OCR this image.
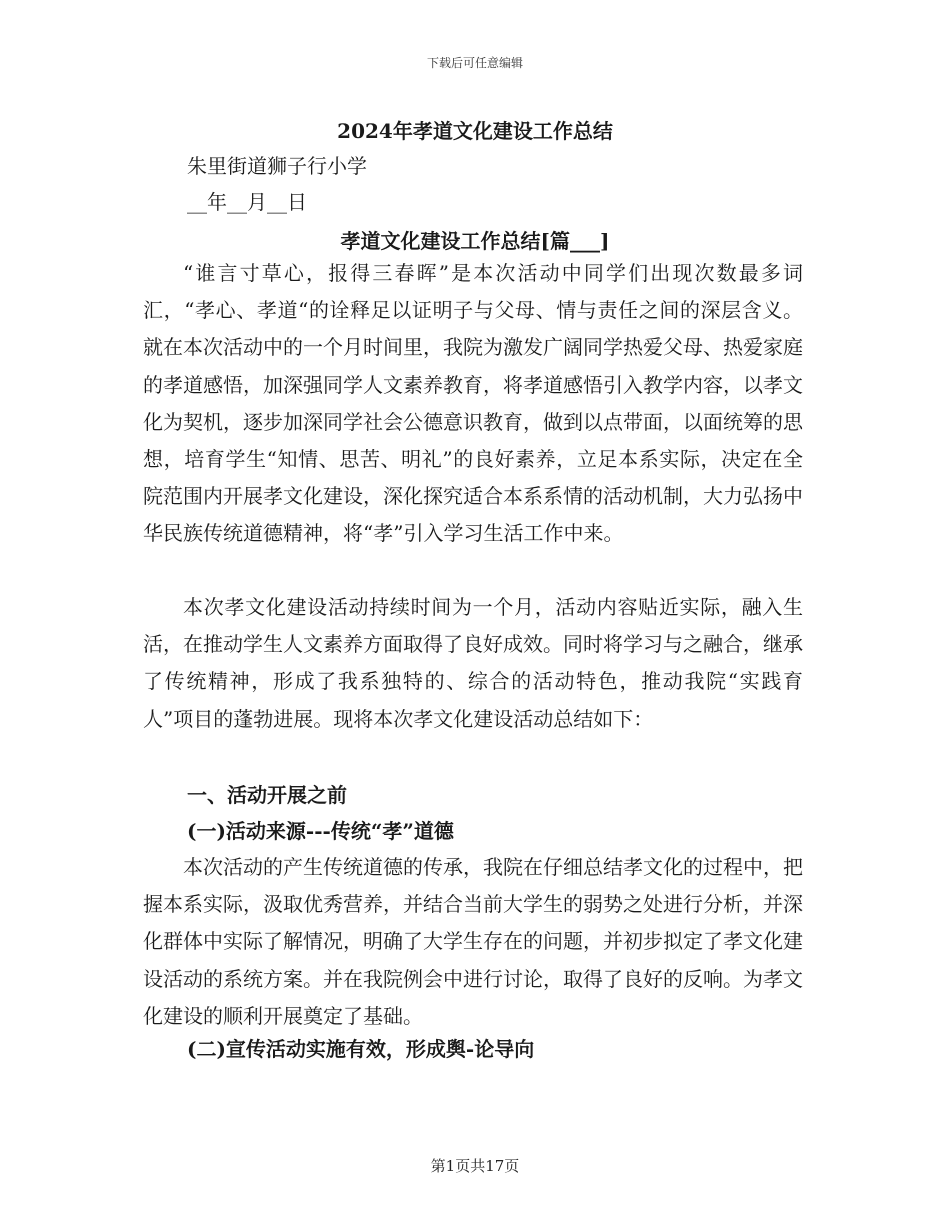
下载后可任意编辑
2024年孝道文化建设工作总结
朱里街道狮子行小学
__年__月__日
孝道文化建设工作总结[篇___]

“谁言寸草心，报得三春晖”是本次活动中同学们出现次数最多词汇，“孝心、孝道“的诠释足以证明子与父母、情与责任之间的深层含义。就在本次活动中的一个月时间里，我院为激发广阔同学热爱父母、热爱家庭的孝道感悟，加深强同学人文素养教育，将孝道感悟引入教学内容，以孝文化为契机，逐步加深同学社会公德意识教育，做到以点带面，以面统筹的思想，培育学生“知情、思苦、明礼”的良好素养，立足本系实际，决定在全院范围内开展孝文化建设，深化探究适合本系系情的活动机制，大力弘扬中华民族传统道德精神，将“孝”引入学习生活工作中来。

本次孝文化建设活动持续时间为一个月，活动内容贴近实际，融入生活，在推动学生人文素养方面取得了良好成效。同时将学习与之融合，继承了传统精神，形成了我系独特的、综合的活动特色，推动我院“实践育人”项目的蓬勃进展。现将本次孝文化建设活动总结如下：

一、活动开展之前
(一)活动来源---传统“孝”道德

本次活动的产生传统道德的传承，我院在仔细总结孝文化的过程中，把握本系实际，汲取优秀营养，并结合当前大学生的弱势之处进行分析，并深化群体中实际了解情况，明确了大学生存在的问题，并初步拟定了孝文化建设活动的系统方案。并在我院例会中进行讨论，取得了良好的反响。为孝文化建设的顺利开展奠定了基础。

(二)宣传活动实施有效，形成舆-论导向
第1页共17页
